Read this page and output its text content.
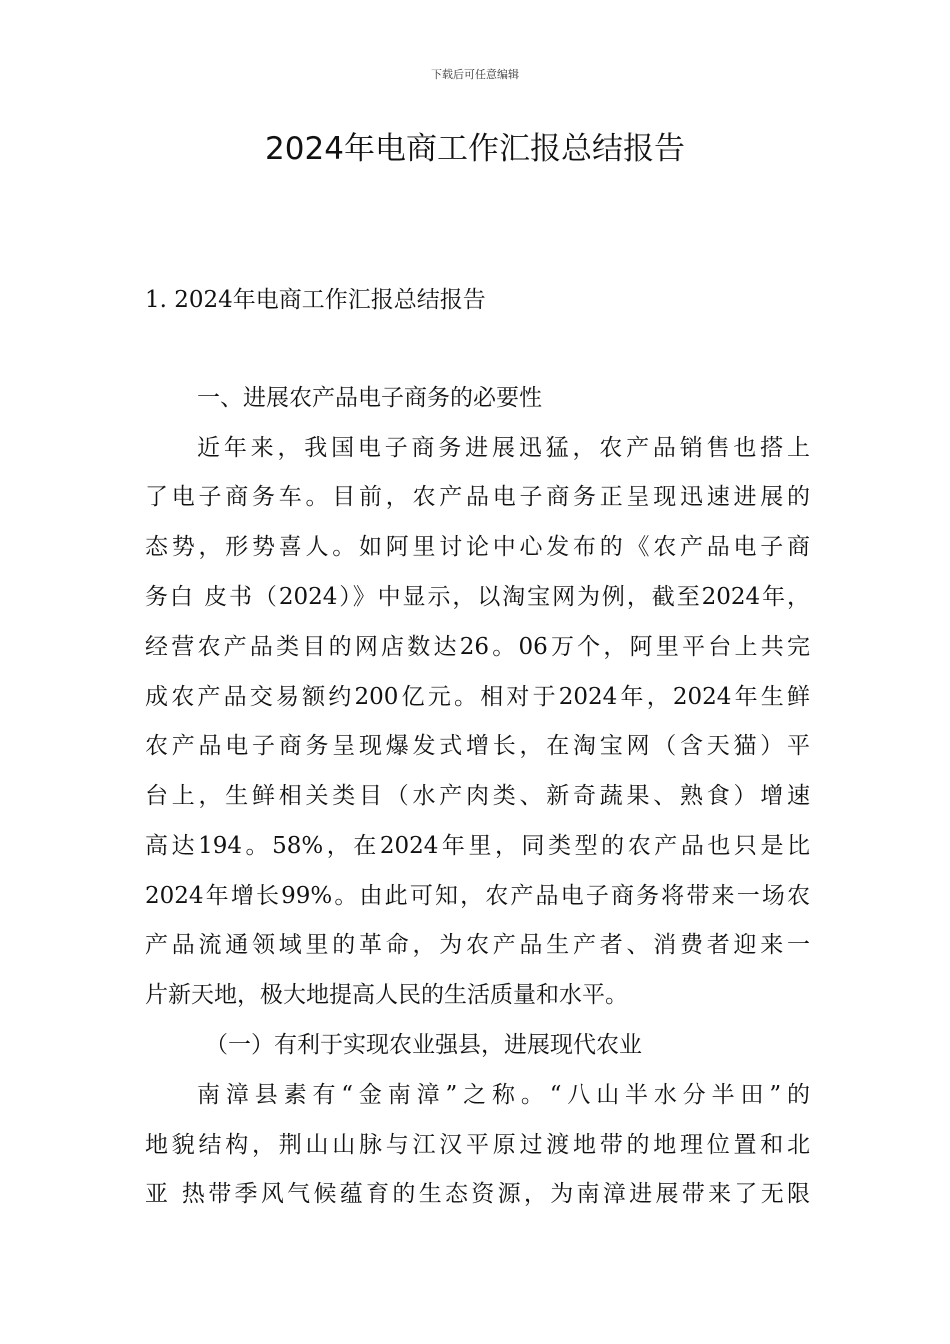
下载后可任意编辑
2024年电商工作汇报总结报告
1. 2024年电商工作汇报总结报告
一、进展农产品电子商务的必要性
近年来，我国电子商务进展迅猛，农产品销售也搭上
了电子商务车。目前，农产品电子商务正呈现迅速进展的
态势，形势喜人。如阿里讨论中心发布的《农产品电子商
务白 皮书（2024）》中显示，以淘宝网为例，截至2024年，
经营农产品类目的网店数达26。06万个，阿里平台上共完
成农产品交易额约200亿元。相对于2024年，2024年生鲜
农产品电子商务呈现爆发式增长，在淘宝网（含天猫）平
台上，生鲜相关类目（水产肉类、新奇蔬果、熟食）增速
高达194。58%，在2024年里，同类型的农产品也只是比
2024年增长99%。由此可知，农产品电子商务将带来一场农
产品流通领域里的革命，为农产品生产者、消费者迎来一
片新天地，极大地提高人民的生活质量和水平。
（一）有利于实现农业强县，进展现代农业
南漳县素有“金南漳”之称。“八山半水分半田”的
地貌结构，荆山山脉与江汉平原过渡地带的地理位置和北
亚 热带季风气候蕴育的生态资源，为南漳进展带来了无限
